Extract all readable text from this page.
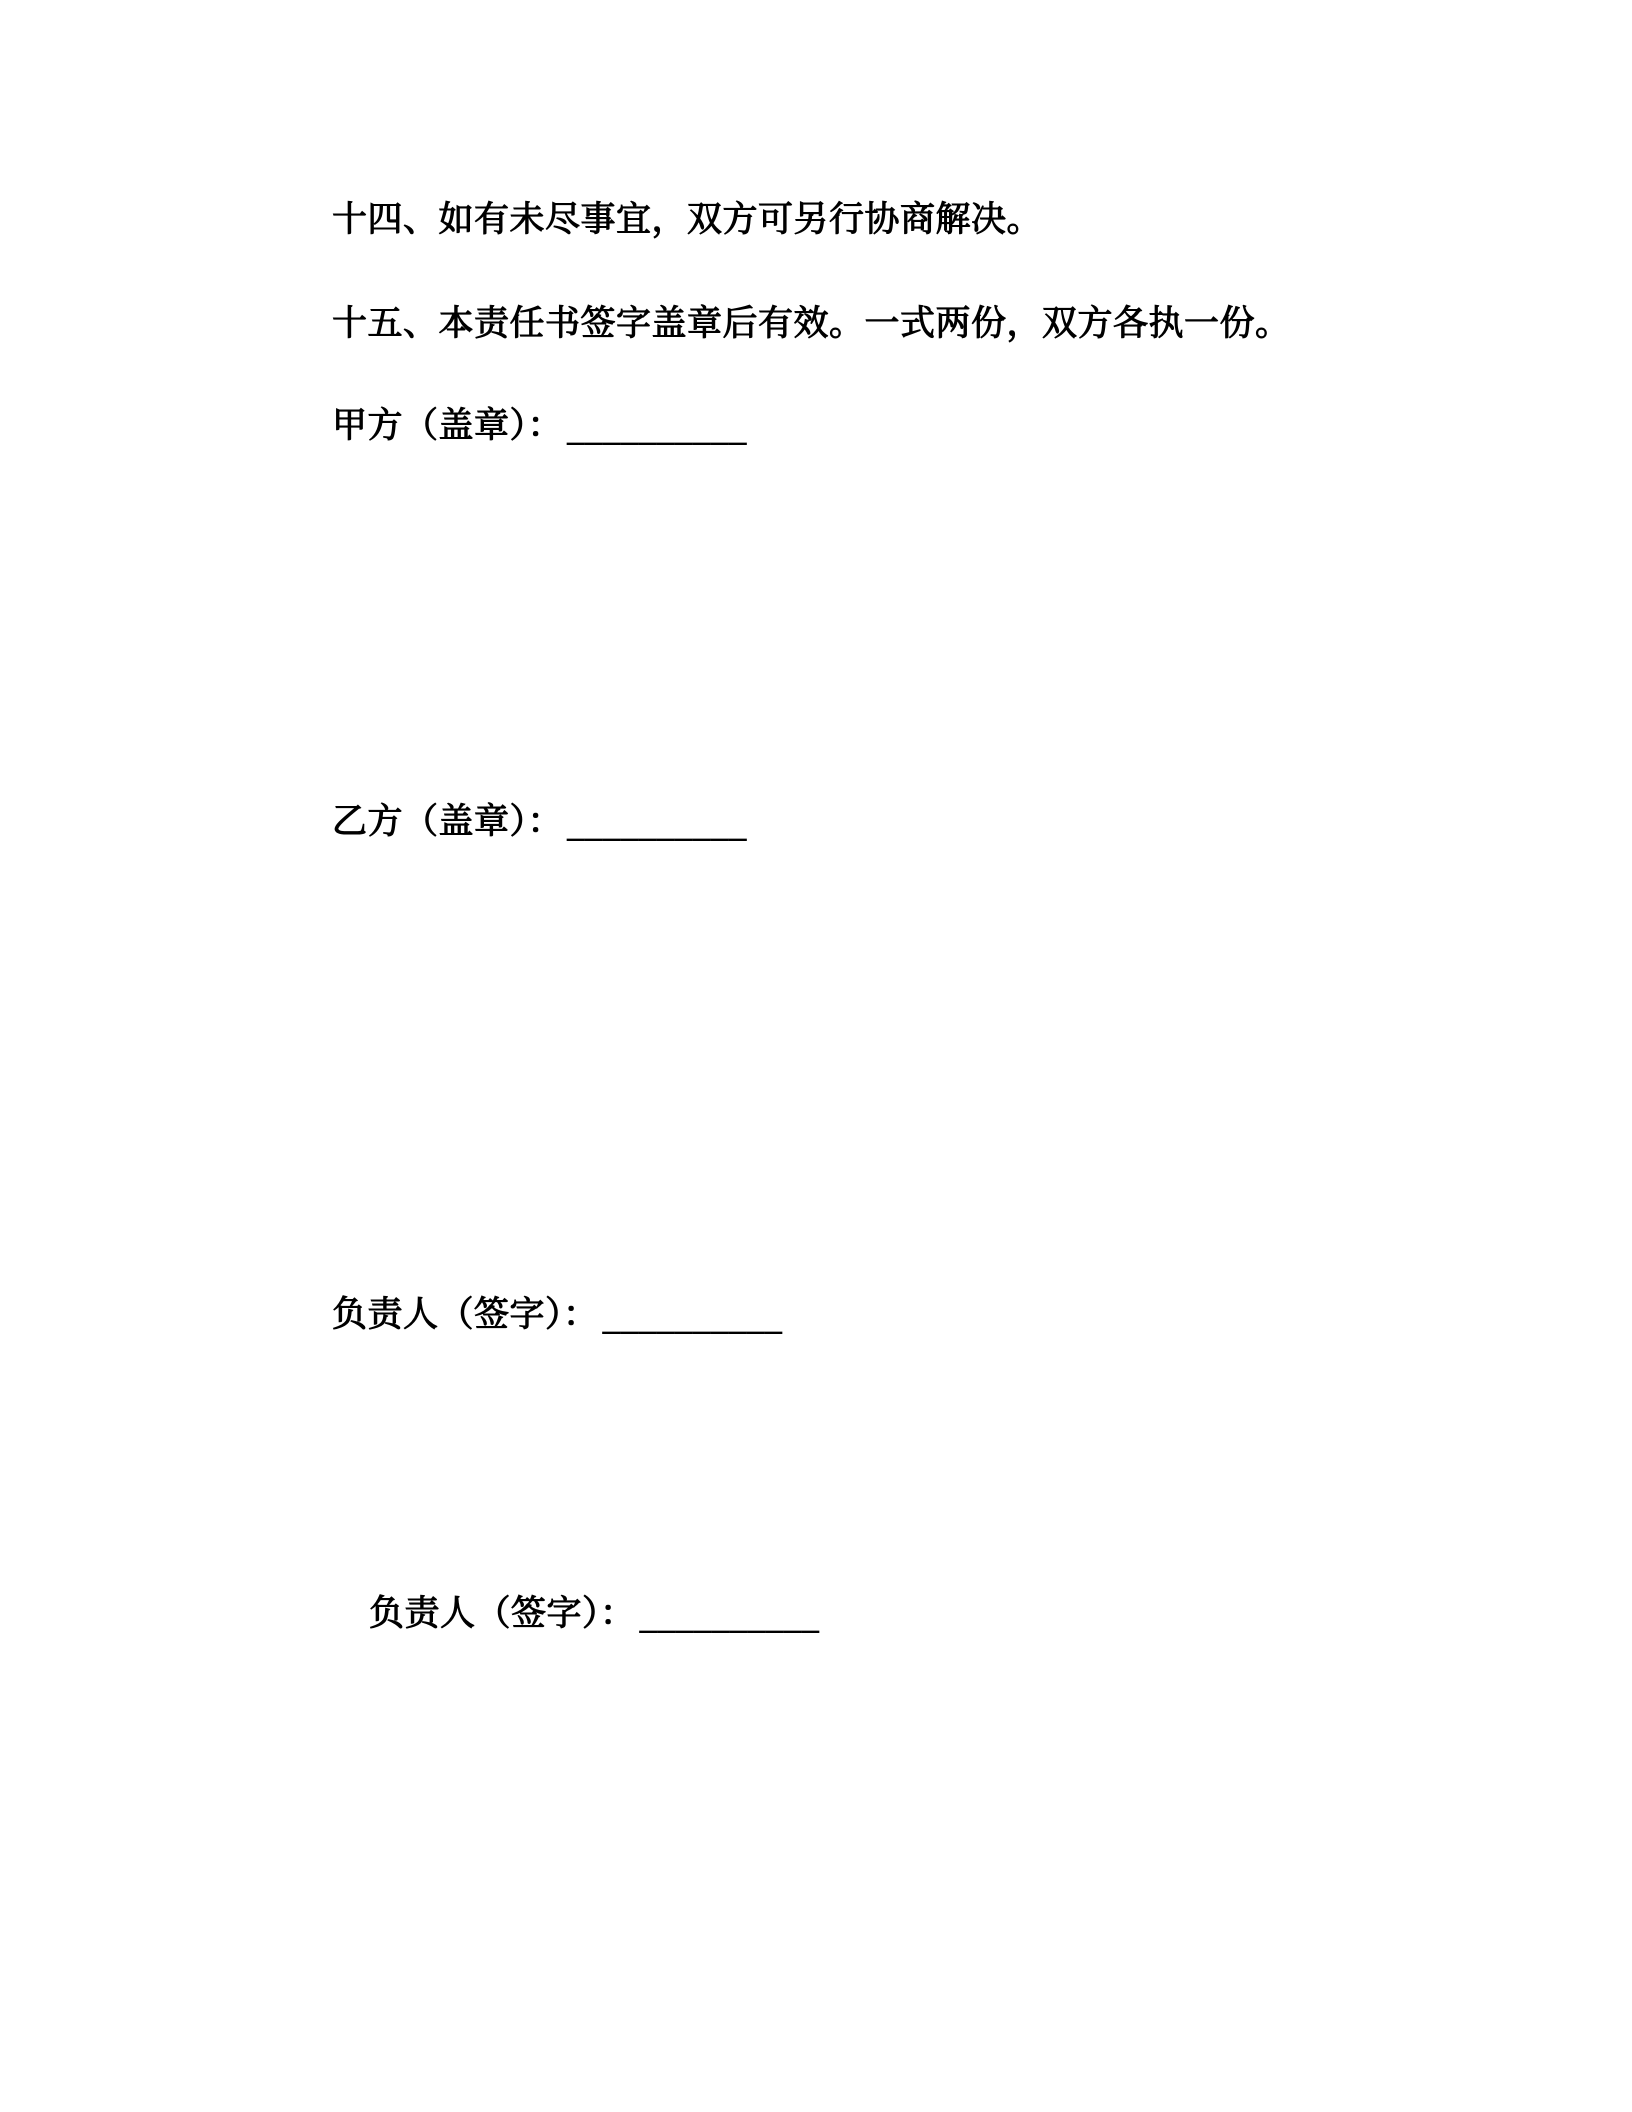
十四、如有未尽事宜，双方可另行协商解决。
十五、本责任书签字盖章后有效。一式两份，双方各执一份。
甲方（盖章）： __________
乙方（盖章）： __________
负责人（签字）： __________
负责人（签字）： __________
